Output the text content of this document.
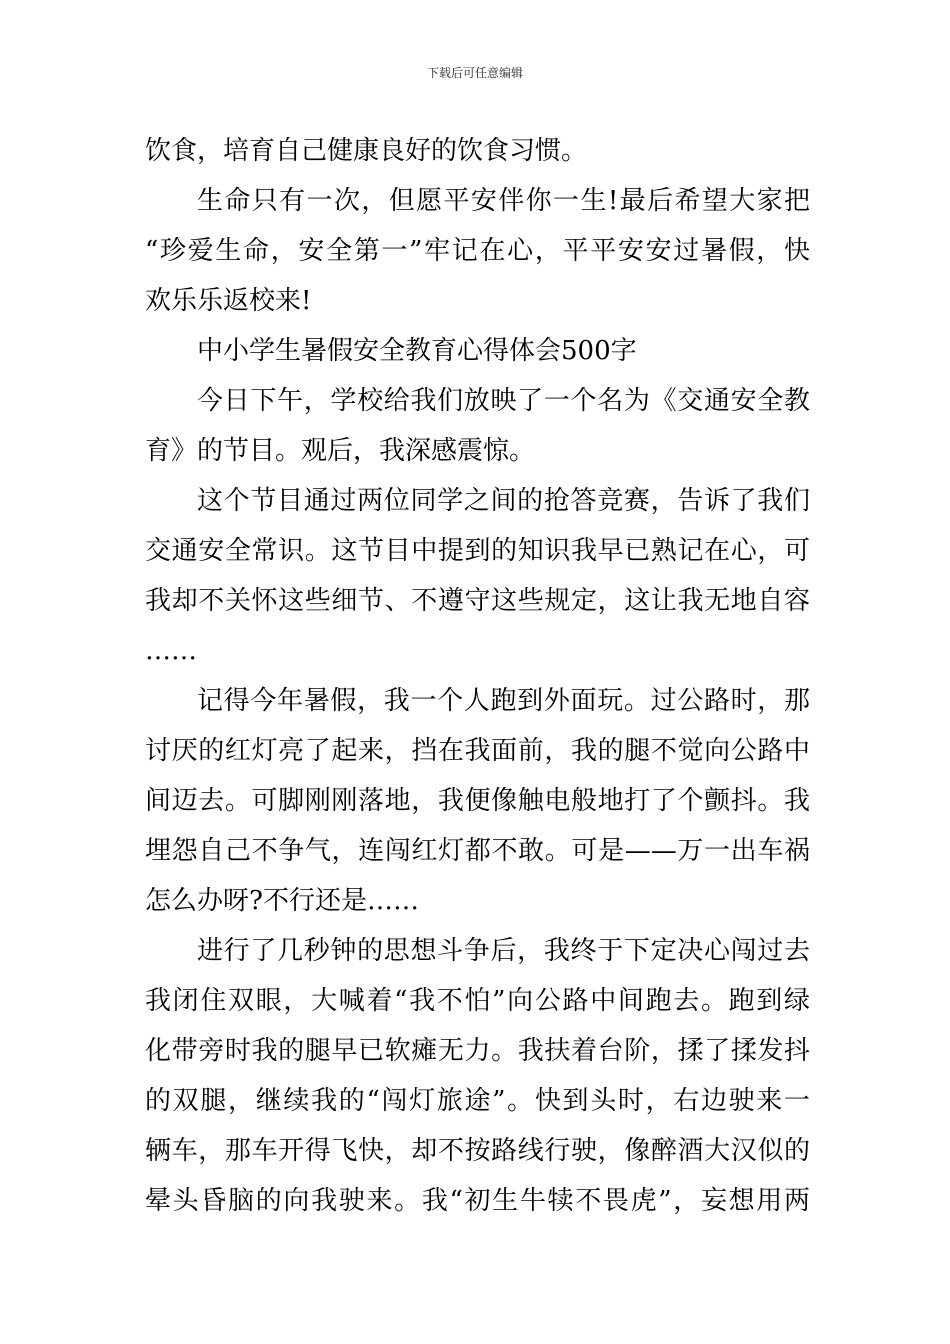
下载后可任意编辑
饮食，培育自己健康良好的饮食习惯。
生命只有一次，但愿平安伴你一生!最后希望大家把
“珍爱生命，安全第一”牢记在心，平平安安过暑假，快
欢乐乐返校来!
中小学生暑假安全教育心得体会500字
今日下午，学校给我们放映了一个名为《交通安全教
育》的节目。观后，我深感震惊。
这个节目通过两位同学之间的抢答竞赛，告诉了我们
交通安全常识。这节目中提到的知识我早已熟记在心，可
我却不关怀这些细节、不遵守这些规定，这让我无地自容
……
记得今年暑假，我一个人跑到外面玩。过公路时，那
讨厌的红灯亮了起来，挡在我面前，我的腿不觉向公路中
间迈去。可脚刚刚落地，我便像触电般地打了个颤抖。我
埋怨自己不争气，连闯红灯都不敢。可是——万一出车祸
怎么办呀?不行还是……
进行了几秒钟的思想斗争后，我终于下定决心闯过去
我闭住双眼，大喊着“我不怕”向公路中间跑去。跑到绿
化带旁时我的腿早已软瘫无力。我扶着台阶，揉了揉发抖
的双腿，继续我的“闯灯旅途”。快到头时，右边驶来一
辆车，那车开得飞快，却不按路线行驶，像醉酒大汉似的
晕头昏脑的向我驶来。我“初生牛犊不畏虎”，妄想用两
